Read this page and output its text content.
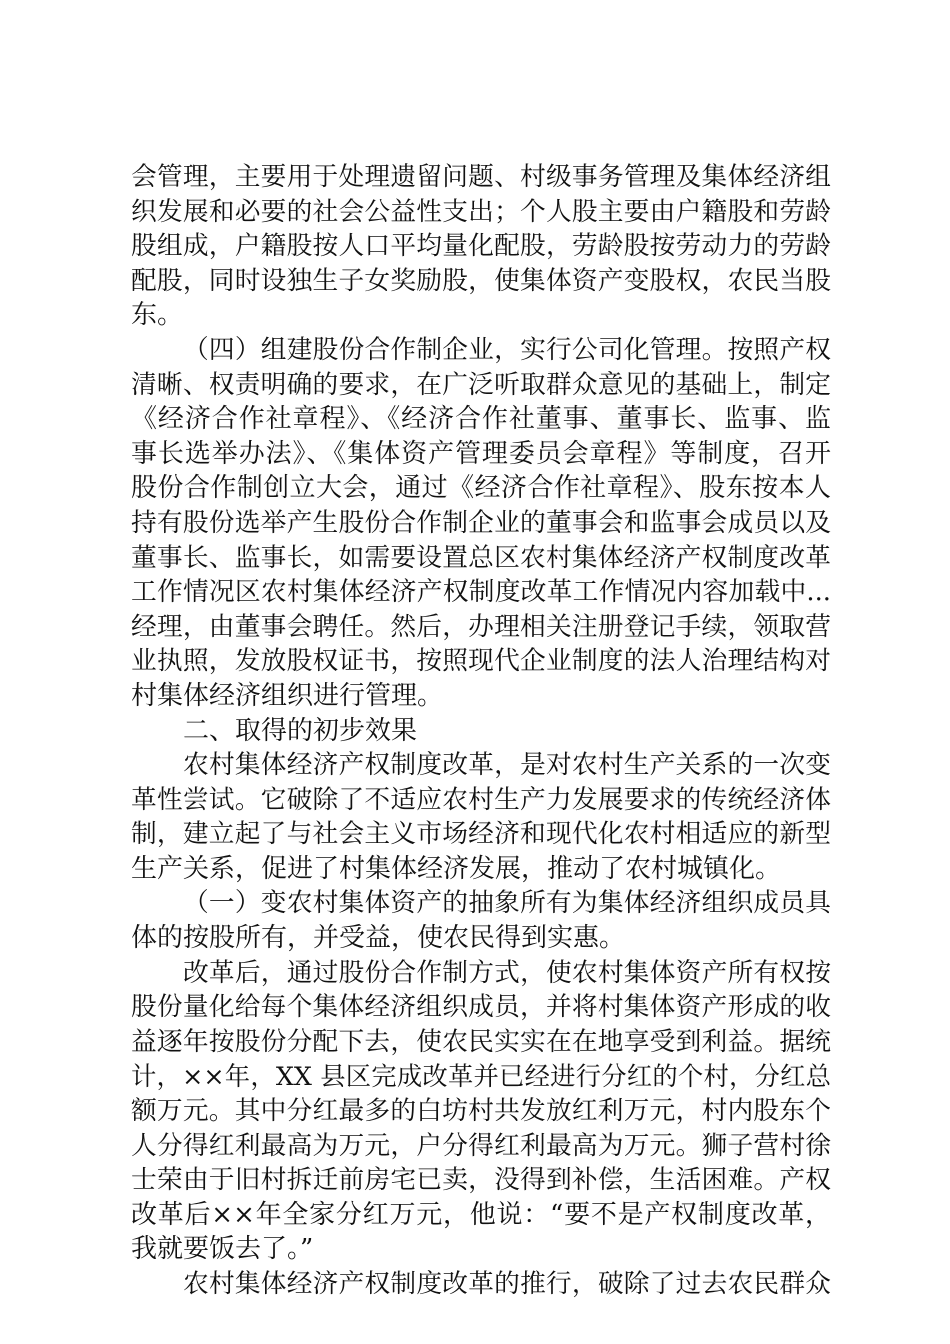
会管理，主要用于处理遗留问题、村级事务管理及集体经济组
织发展和必要的社会公益性支出；个人股主要由户籍股和劳龄
股组成，户籍股按人口平均量化配股，劳龄股按劳动力的劳龄
配股，同时设独生子女奖励股，使集体资产变股权，农民当股
东。
（四）组建股份合作制企业，实行公司化管理。按照产权
清晰、权责明确的要求，在广泛听取群众意见的基础上，制定
《经济合作社章程》、《经济合作社董事、董事长、监事、监
事长选举办法》、《集体资产管理委员会章程》等制度，召开
股份合作制创立大会，通过《经济合作社章程》、股东按本人
持有股份选举产生股份合作制企业的董事会和监事会成员以及
董事长、监事长，如需要设置总区农村集体经济产权制度改革
工作情况区农村集体经济产权制度改革工作情况内容加载中...
经理，由董事会聘任。然后，办理相关注册登记手续，领取营
业执照，发放股权证书，按照现代企业制度的法人治理结构对
村集体经济组织进行管理。
二、取得的初步效果
农村集体经济产权制度改革，是对农村生产关系的一次变
革性尝试。它破除了不适应农村生产力发展要求的传统经济体
制，建立起了与社会主义市场经济和现代化农村相适应的新型
生产关系，促进了村集体经济发展，推动了农村城镇化。
（一）变农村集体资产的抽象所有为集体经济组织成员具
体的按股所有，并受益，使农民得到实惠。
改革后，通过股份合作制方式，使农村集体资产所有权按
股份量化给每个集体经济组织成员，并将村集体资产形成的收
益逐年按股份分配下去，使农民实实在在地享受到利益。据统
计，××年，XX 县区完成改革并已经进行分红的个村，分红总
额万元。其中分红最多的白坊村共发放红利万元，村内股东个
人分得红利最高为万元，户分得红利最高为万元。狮子营村徐
士荣由于旧村拆迁前房宅已卖，没得到补偿，生活困难。产权
改革后××年全家分红万元，他说：“要不是产权制度改革，
我就要饭去了。”
农村集体经济产权制度改革的推行，破除了过去农民群众
